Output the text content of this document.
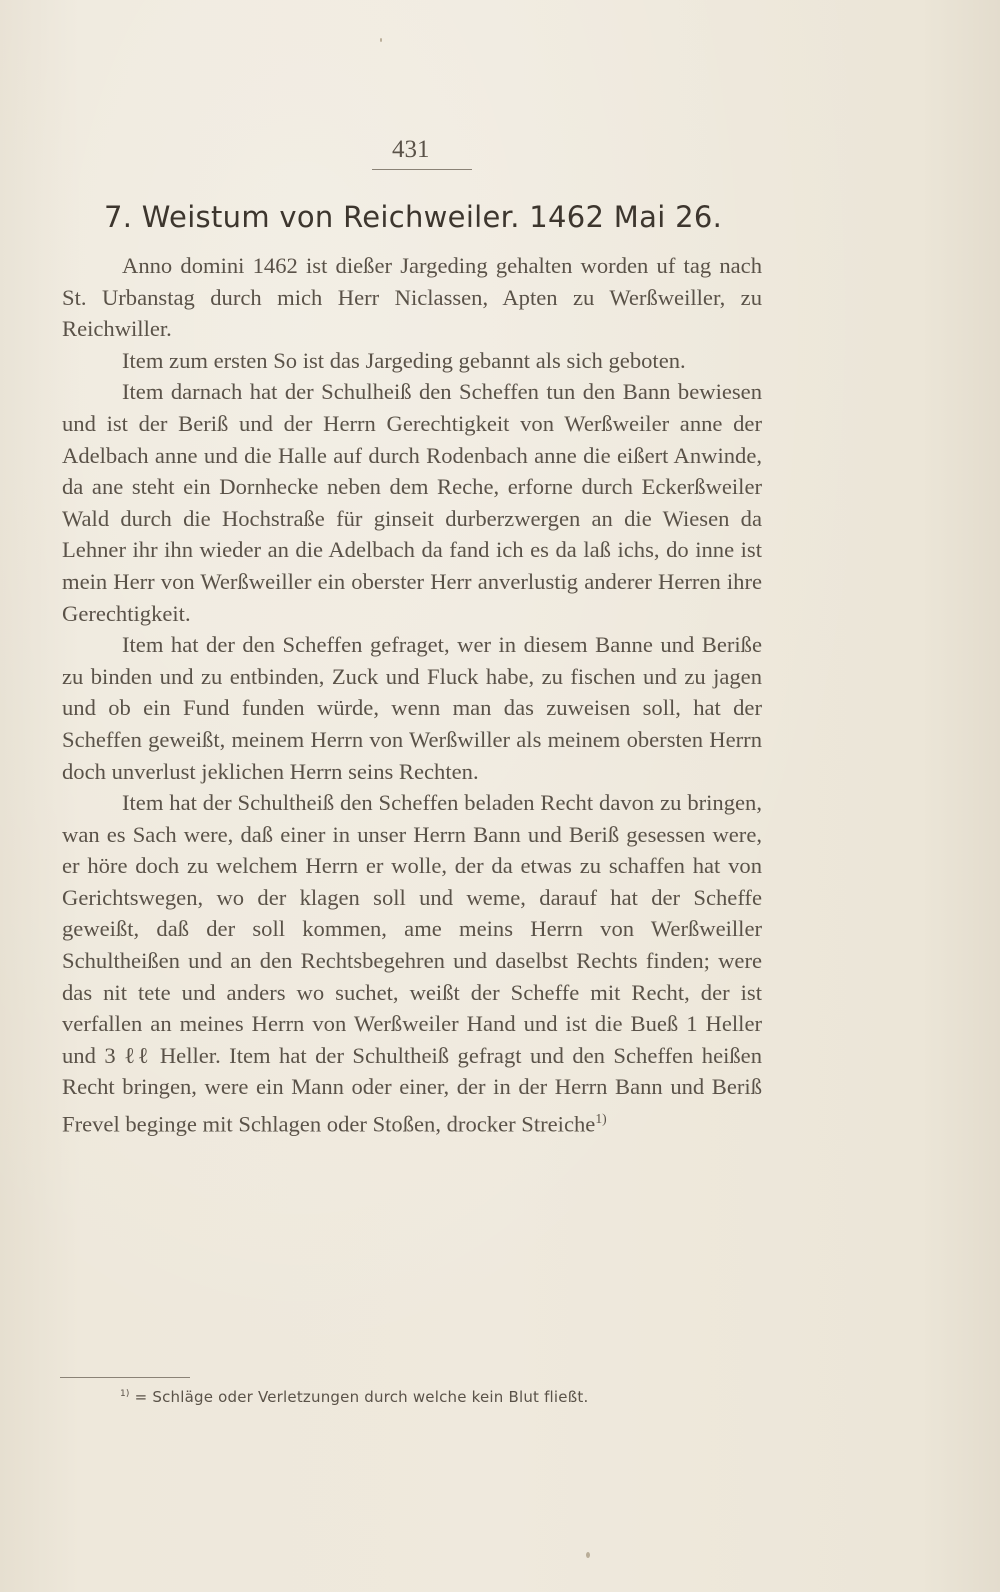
431
7. Weistum von Reichweiler. 1462 Mai 26.

Anno domini 1462 ist dießer Jargeding gehalten worden uf tag nach St. Urbanstag durch mich Herr Niclassen, Apten zu Werßweiller, zu Reichwiller.

Item zum ersten So ist das Jargeding gebannt als sich geboten.

Item darnach hat der Schulheiß den Scheffen tun den Bann bewiesen und ist der Beriß und der Herrn Gerechtigkeit von Werßweiler anne der Adelbach anne und die Halle auf durch Rodenbach anne die eißert Anwinde, da ane steht ein Dornhecke neben dem Reche, erforne durch Eckerßweiler Wald durch die Hochstraße für ginseit durberzwergen an die Wiesen da Lehner ihr ihn wieder an die Adelbach da fand ich es da laß ichs, do inne ist mein Herr von Werßweiller ein oberster Herr anverlustig anderer Herren ihre Gerechtigkeit.

Item hat der den Scheffen gefraget, wer in diesem Banne und Beriße zu binden und zu entbinden, Zuck und Fluck habe, zu fischen und zu jagen und ob ein Fund funden würde, wenn man das zuweisen soll, hat der Scheffen geweißt, meinem Herrn von Werßwiller als meinem obersten Herrn doch unverlust jeklichen Herrn seins Rechten.

Item hat der Schultheiß den Scheffen beladen Recht davon zu bringen, wan es Sach were, daß einer in unser Herrn Bann und Beriß gesessen were, er höre doch zu welchem Herrn er wolle, der da etwas zu schaffen hat von Gerichtswegen, wo der klagen soll und weme, darauf hat der Scheffe geweißt, daß der soll kommen, ame meins Herrn von Werßweiller Schultheißen und an den Rechtsbegehren und daselbst Rechts finden; were das nit tete und anders wo suchet, weißt der Scheffe mit Recht, der ist verfallen an meines Herrn von Werßweiler Hand und ist die Bueß 1 Heller und 3 ℓℓ Heller. Item hat der Schultheiß gefragt und den Scheffen heißen Recht bringen, were ein Mann oder einer, der in der Herrn Bann und Beriß Frevel beginge mit Schlagen oder Stoßen, drocker Streiche$^{1)}$

$^{1)}$ = Schläge oder Verletzungen durch welche kein Blut fließt.
